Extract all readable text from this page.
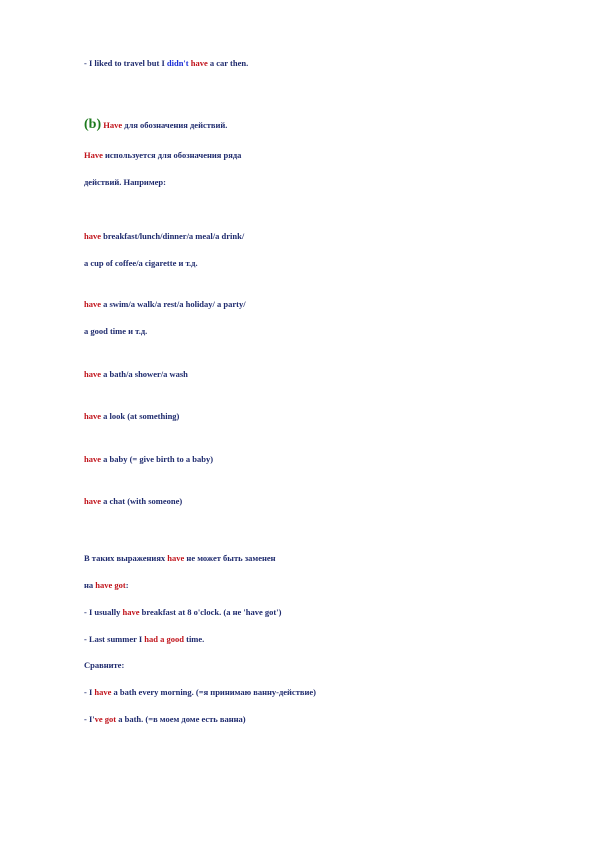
- I liked to travel but I didn't have a car then.
(b) Have для обозначения действий.
Have используется для обозначения ряда
действий. Например:
have breakfast/lunch/dinner/a meal/a drink/
a cup of coffee/a cigarette и т.д.
have a swim/a walk/a rest/a holiday/ a party/
a good time и т.д.
have a bath/a shower/a wash
have a look (at something)
have a baby (= give birth to a baby)
have a chat (with someone)
В таких выражениях have не может быть заменен
на have got:
- I usually have breakfast at 8 o'clock. (а не 'have got')
- Last summer I had a good time.
Сравните:
- I have a bath every morning. (=я принимаю ванну-действие)
- I've got a bath. (=в моем доме есть ванна)
